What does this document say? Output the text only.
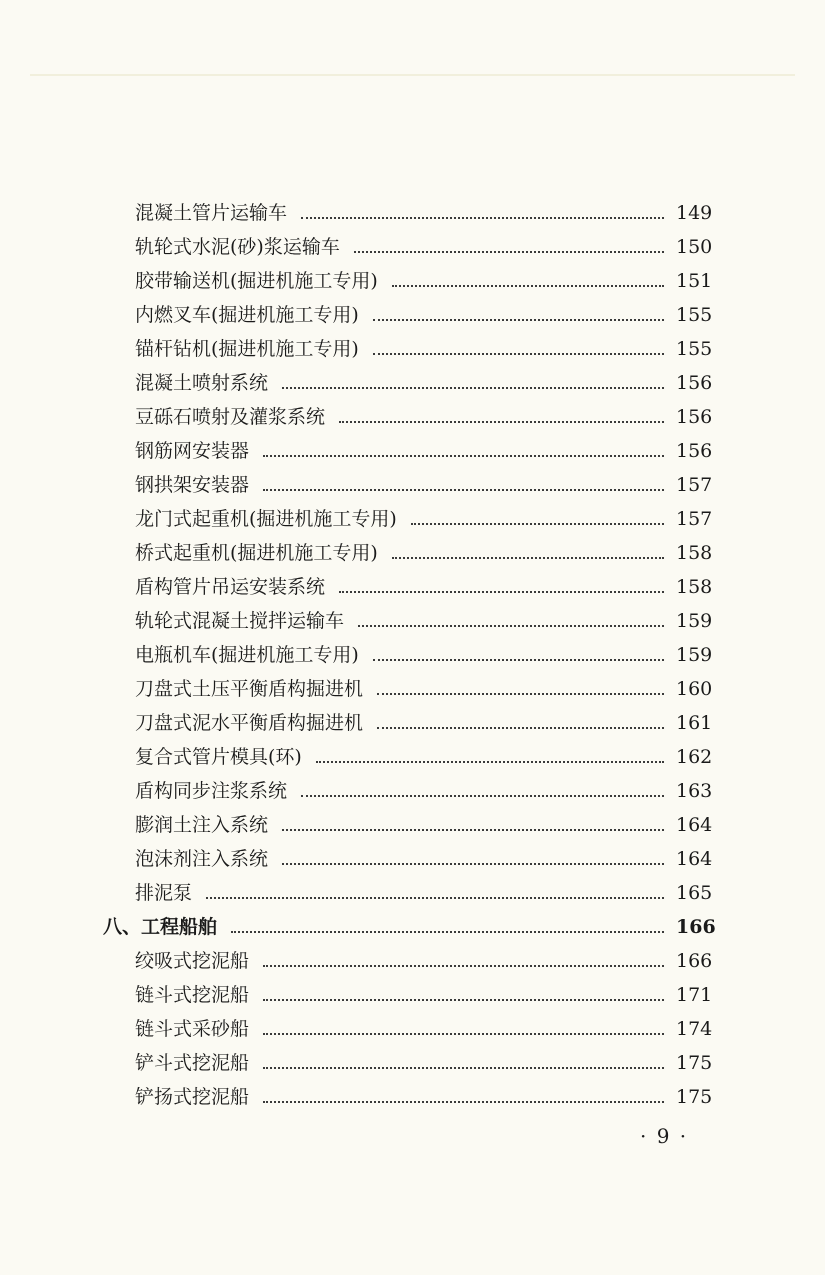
混凝土管片运输车	149
轨轮式水泥(砂)浆运输车	150
胶带输送机(掘进机施工专用)	151
内燃叉车(掘进机施工专用)	155
锚杆钻机(掘进机施工专用)	155
混凝土喷射系统	156
豆砾石喷射及灌浆系统	156
钢筋网安装器	156
钢拱架安装器	157
龙门式起重机(掘进机施工专用)	157
桥式起重机(掘进机施工专用)	158
盾构管片吊运安装系统	158
轨轮式混凝土搅拌运输车	159
电瓶机车(掘进机施工专用)	159
刀盘式土压平衡盾构掘进机	160
刀盘式泥水平衡盾构掘进机	161
复合式管片模具(环)	162
盾构同步注浆系统	163
膨润土注入系统	164
泡沫剂注入系统	164
排泥泵	165
八、工程船舶	166
绞吸式挖泥船	166
链斗式挖泥船	171
链斗式采砂船	174
铲斗式挖泥船	175
铲扬式挖泥船	175
· 9 ·
